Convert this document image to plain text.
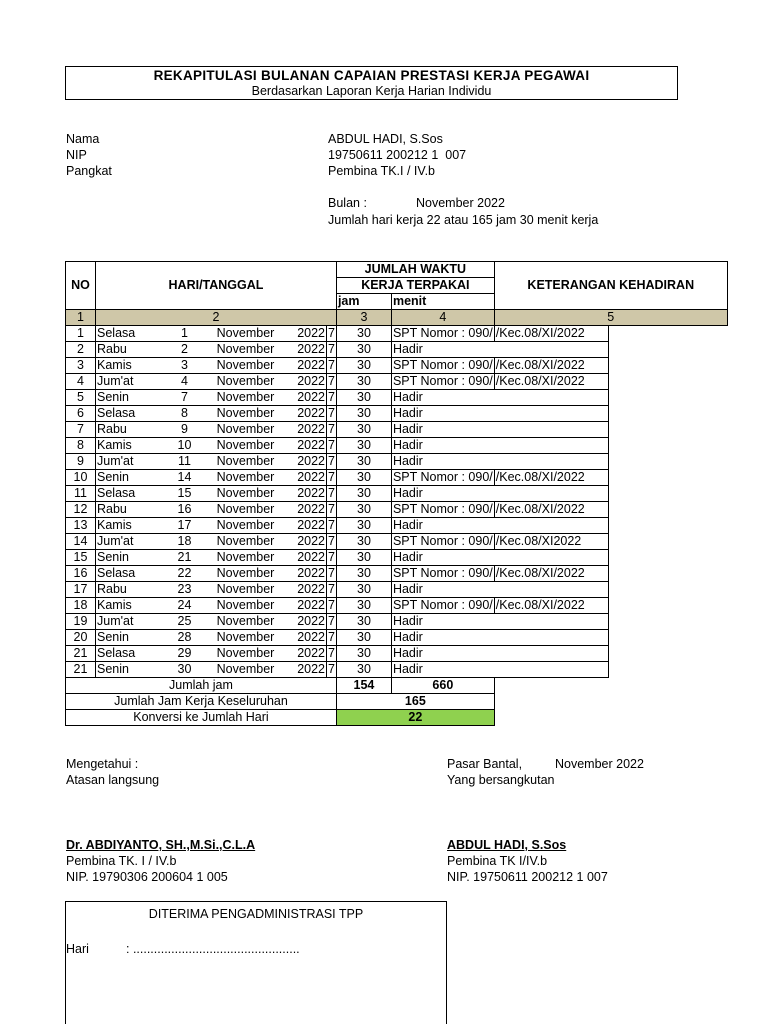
REKAPITULASI BULANAN CAPAIAN PRESTASI KERJA PEGAWAI
Berdasarkan Laporan Kerja Harian Individu
Nama	ABDUL HADI, S.Sos
NIP	19750611 200212 1  007
Pangkat	Pembina TK.I / IV.b
Bulan :	November 2022
Jumlah hari kerja 22 atau 165 jam 30 menit kerja
NO	HARI/TANGGAL					JUMLAH WAKTU		KETERANGAN KEHADIRAN
						KERJA TERPAKAI		
						jam	menit	
1	2					3	4	5
1	Selasa	1	November	2022	7	30	SPT Nomor : 090/	/Kec.08/XI/2022
2	Rabu	2	November	2022	7	30	Hadir	
3	Kamis	3	November	2022	7	30	SPT Nomor : 090/	/Kec.08/XI/2022
4	Jum'at	4	November	2022	7	30	SPT Nomor : 090/	/Kec.08/XI/2022
5	Senin	7	November	2022	7	30	Hadir	
6	Selasa	8	November	2022	7	30	Hadir	
7	Rabu	9	November	2022	7	30	Hadir	
8	Kamis	10	November	2022	7	30	Hadir	
9	Jum'at	11	November	2022	7	30	Hadir	
10	Senin	14	November	2022	7	30	SPT Nomor : 090/	/Kec.08/XI/2022
11	Selasa	15	November	2022	7	30	Hadir	
12	Rabu	16	November	2022	7	30	SPT Nomor : 090/	/Kec.08/XI/2022
13	Kamis	17	November	2022	7	30	Hadir	
14	Jum'at	18	November	2022	7	30	SPT Nomor : 090/	/Kec.08/XI2022
15	Senin	21	November	2022	7	30	Hadir	
16	Selasa	22	November	2022	7	30	SPT Nomor : 090/	/Kec.08/XI/2022
17	Rabu	23	November	2022	7	30	Hadir	
18	Kamis	24	November	2022	7	30	SPT Nomor : 090/	/Kec.08/XI/2022
19	Jum'at	25	November	2022	7	30	Hadir	
20	Senin	28	November	2022	7	30	Hadir	
21	Selasa	29	November	2022	7	30	Hadir	
21	Senin	30	November	2022	7	30	Hadir	
Jumlah jam						154	660	
Jumlah Jam Kerja Keseluruhan						165		
Konversi ke Jumlah Hari						22		
Mengetahui :
Atasan langsung
Pasar Bantal,	November 2022
Yang bersangkutan
Dr. ABDIYANTO, SH.,M.Si.,C.L.A
Pembina TK. I / IV.b
NIP. 19790306 200604 1 005
ABDUL HADI, S.Sos
Pembina TK I/IV.b
NIP. 19750611 200212 1 007
DITERIMA PENGADMINISTRASI TPP
Hari	: ................................................
